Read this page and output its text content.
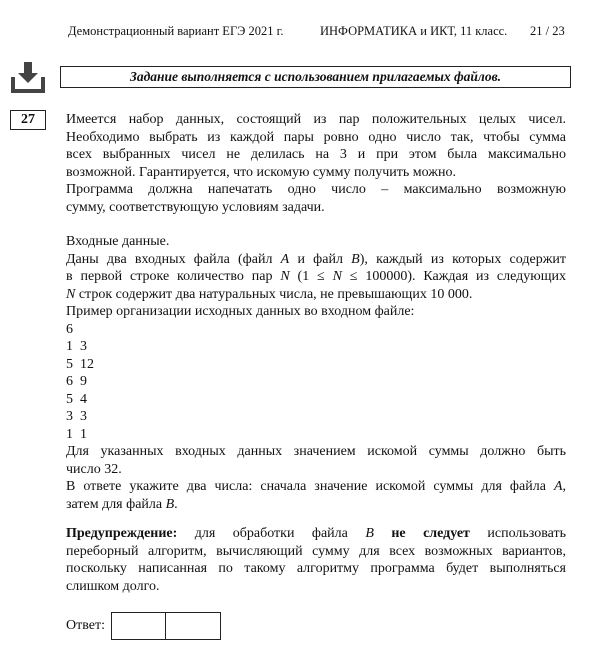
Демонстрационный вариант ЕГЭ 2021 г.	ИНФОРМАТИКА и ИКТ, 11 класс. 21 / 23
Задание выполняется с использованием прилагаемых файлов.
27	Имеется набор данных, состоящий из пар положительных целых чисел.

Необходимо выбрать из каждой пары ровно одно число так, чтобы сумма

всех выбранных чисел не делилась на 3 и при этом была максимально

возможной. Гарантируется, что искомую сумму получить можно.

Программа должна напечатать одно число – максимально возможную

сумму, соответствующую условиям задачи.

Входные данные.

Даны два входных файла (файл A и файл B), каждый из которых содержит

в первой строке количество пар N (1 ≤ N ≤ 100000). Каждая из следующих

N строк содержит два натуральных числа, не превышающих 10 000.

Пример организации исходных данных во входном файле:

6
1  3
5  12
6  9
5  4
3  3
1  1

Для указанных входных данных значением искомой суммы должно быть

число 32.

В ответе укажите два числа: сначала значение искомой суммы для файла A,

затем для файла B.

Предупреждение: для обработки файла B не следует использовать

переборный алгоритм, вычисляющий сумму для всех возможных вариантов,

поскольку написанная по такому алгоритму программа будет выполняться

слишком долго.

Ответ:
